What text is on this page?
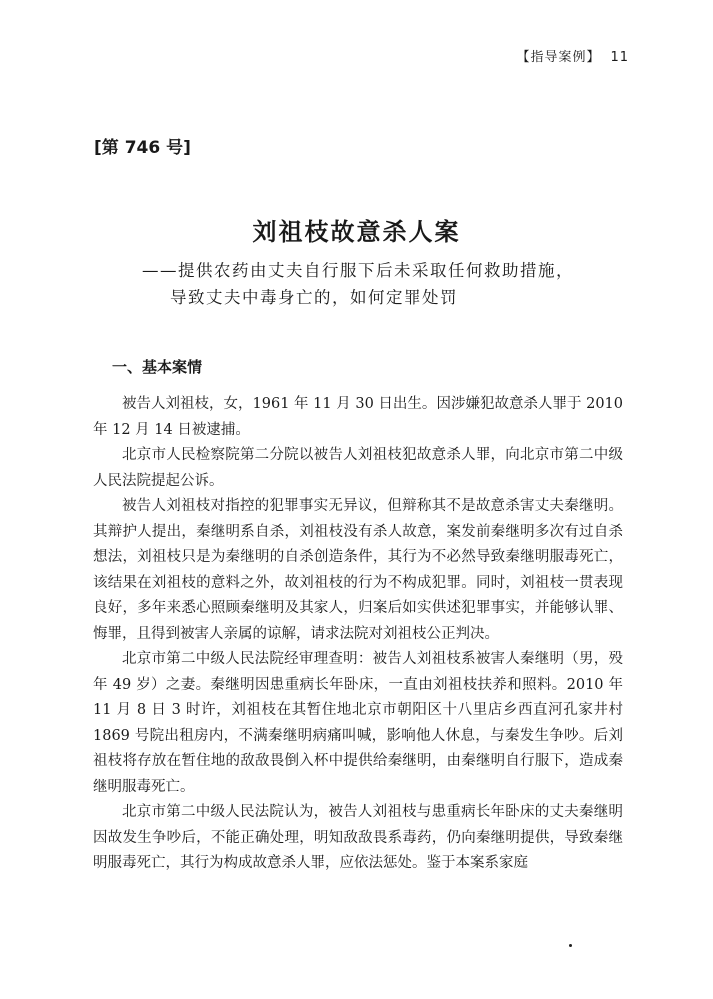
【指导案例】 11
[第 746 号]
刘祖枝故意杀人案
——提供农药由丈夫自行服下后未采取任何救助措施，
导致丈夫中毒身亡的，如何定罪处罚
一、基本案情

被告人刘祖枝，女，1961 年 11 月 30 日出生。因涉嫌犯故意杀人罪于 2010 年 12 月 14 日被逮捕。

北京市人民检察院第二分院以被告人刘祖枝犯故意杀人罪，向北京市第二中级人民法院提起公诉。

被告人刘祖枝对指控的犯罪事实无异议，但辩称其不是故意杀害丈夫秦继明。其辩护人提出，秦继明系自杀，刘祖枝没有杀人故意，案发前秦继明多次有过自杀想法，刘祖枝只是为秦继明的自杀创造条件，其行为不必然导致秦继明服毒死亡，该结果在刘祖枝的意料之外，故刘祖枝的行为不构成犯罪。同时，刘祖枝一贯表现良好，多年来悉心照顾秦继明及其家人，归案后如实供述犯罪事实，并能够认罪、悔罪，且得到被害人亲属的谅解，请求法院对刘祖枝公正判决。

北京市第二中级人民法院经审理查明：被告人刘祖枝系被害人秦继明（男，殁年 49 岁）之妻。秦继明因患重病长年卧床，一直由刘祖枝扶养和照料。2010 年 11 月 8 日 3 时许，刘祖枝在其暂住地北京市朝阳区十八里店乡西直河孔家井村 1869 号院出租房内，不满秦继明病痛叫喊，影响他人休息，与秦发生争吵。后刘祖枝将存放在暂住地的敌敌畏倒入杯中提供给秦继明，由秦继明自行服下，造成秦继明服毒死亡。

北京市第二中级人民法院认为，被告人刘祖枝与患重病长年卧床的丈夫秦继明因故发生争吵后，不能正确处理，明知敌敌畏系毒药，仍向秦继明提供，导致秦继明服毒死亡，其行为构成故意杀人罪，应依法惩处。鉴于本案系家庭
